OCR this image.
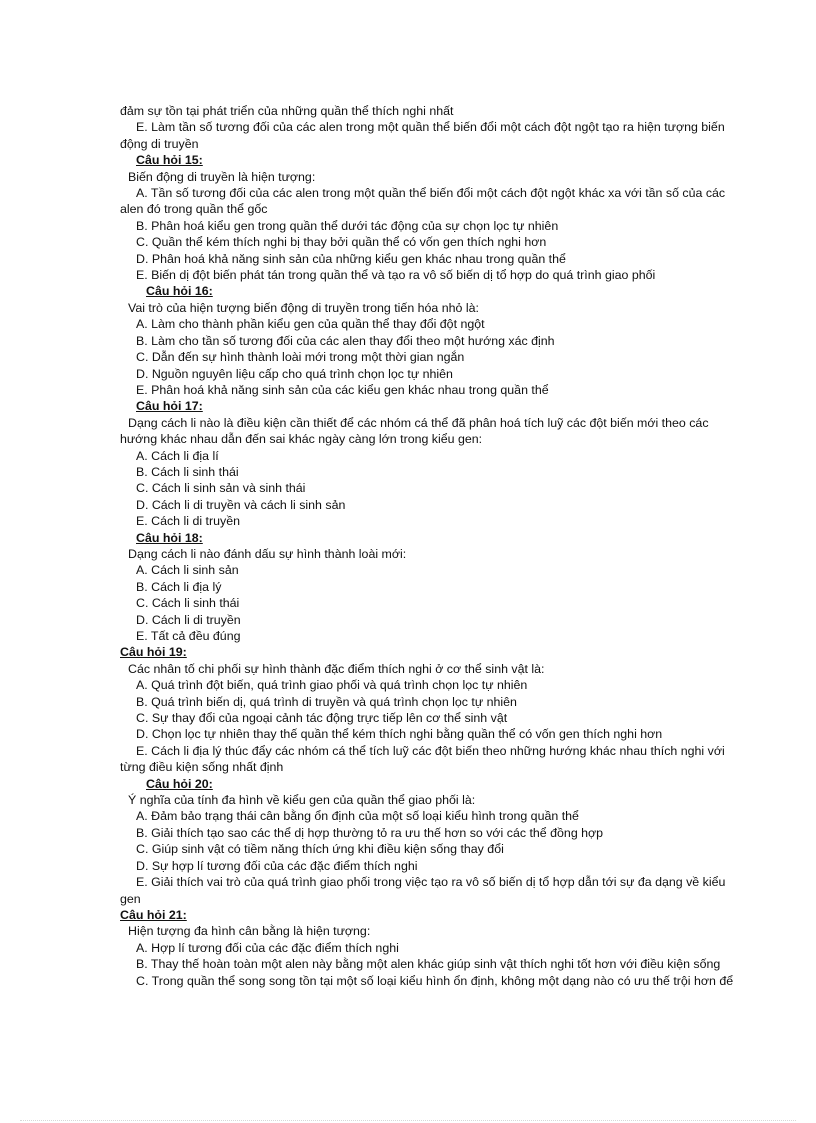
đảm sự tồn tại phát triển của những quần thể thích nghi nhất
E. Làm tần số tương đối của các alen trong một quần thể biến đổi một cách đột ngột tạo ra hiện tượng biến
động di truyền
Câu hỏi 15:
Biến động di truyền là hiện tượng:
A. Tần số tương đối của các alen trong một quần thể biến đổi một cách đột ngột khác xa với tần số của các
alen đó trong quần thể gốc
B. Phân hoá kiểu gen trong quần thể dưới tác động của sự chọn lọc tự nhiên
C. Quần thể kém thích nghi bị thay bởi quần thể có vốn gen thích nghi hơn
D. Phân hoá khả năng sinh sản của những kiểu gen khác nhau trong quần thể
E. Biến dị đột biến phát tán trong quần thể và tạo ra vô số biến dị tổ hợp do quá trình giao phối
Câu hỏi 16:
Vai trò của hiện tượng biến động di truyền trong tiến hóa nhỏ là:
A. Làm cho thành phần kiểu gen của quần thể thay đổi đột ngột
B. Làm cho tần số tương đối của các alen thay đổi theo một hướng xác định
C. Dẫn đến sự hình thành loài mới trong một thời gian ngắn
D. Nguồn nguyên liệu cấp cho quá trình chọn lọc tự nhiên
E. Phân hoá khả năng sinh sản của các kiểu gen khác nhau trong quần thể
Câu hỏi 17:
Dạng cách li nào là điều kiện cần thiết để các nhóm cá thể đã phân hoá tích luỹ các đột biến mới theo các
hướng khác nhau dẫn đến sai khác ngày càng lớn trong kiểu gen:
A. Cách li địa lí
B. Cách li sinh thái
C. Cách li sinh sản và sinh thái
D. Cách li di truyền và cách li sinh sản
E. Cách li di truyền
Câu hỏi 18:
Dạng cách li nào đánh dấu sự hình thành loài mới:
A. Cách li sinh sản
B. Cách li địa lý
C. Cách li sinh thái
D. Cách li di truyền
E. Tất cả đều đúng
Câu hỏi 19:
Các nhân tố chi phối sự hình thành đặc điểm thích nghi ở cơ thể sinh vật là:
A. Quá trình đột biến, quá trình giao phối và quá trình chọn lọc tự nhiên
B. Quá trình biến dị, quá trình di truyền và quá trình chọn lọc tự nhiên
C. Sự thay đổi của ngoại cảnh tác động trực tiếp lên cơ thể sinh vật
D. Chọn lọc tự nhiên thay thế quần thể kém thích nghi bằng quần thể có vốn gen thích nghi hơn
E. Cách li địa lý thúc đẩy các nhóm cá thể tích luỹ các đột biến theo những hướng khác nhau thích nghi với
từng điều kiện sống nhất định
Câu hỏi 20:
Ý nghĩa của tính đa hình về kiểu gen của quần thể giao phối là:
A. Đảm bảo trạng thái cân bằng ổn định của một số loại kiểu hình trong quần thể
B. Giải thích tạo sao các thể dị hợp thường tỏ ra ưu thế hơn so với các thể đồng hợp
C. Giúp sinh vật có tiềm năng thích ứng khi điều kiện sống thay đổi
D. Sự hợp lí tương đối của các đặc điểm thích nghi
E. Giải thích vai trò của quá trình giao phối trong việc tạo ra vô số biến dị tổ hợp dẫn tới sự đa dạng về kiểu
gen
Câu hỏi 21:
Hiện tượng đa hình cân bằng là hiện tượng:
A. Hợp lí tương đối của các đặc điểm thích nghi
B. Thay thế hoàn toàn một alen này bằng một alen khác giúp sinh vật thích nghi tốt hơn với điều kiện sống
C. Trong quần thể song song tồn tại một số loại kiểu hình ổn định, không một dạng nào có ưu thế trội hơn để
